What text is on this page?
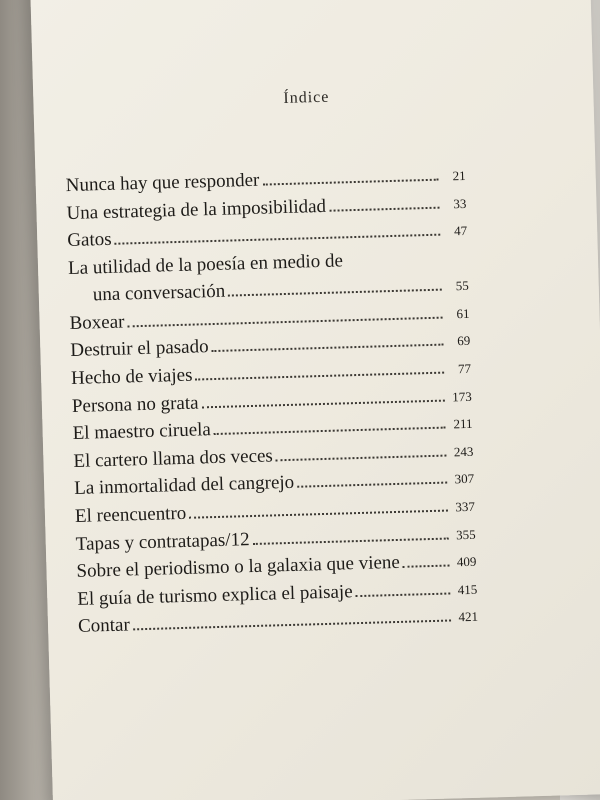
Índice
Nunca hay que responder	21
Una estrategia de la imposibilidad	33
Gatos	47
La utilidad de la poesía en medio de
una conversación	55
Boxear	61
Destruir el pasado	69
Hecho de viajes	77
Persona no grata	173
El maestro ciruela	211
El cartero llama dos veces	243
La inmortalidad del cangrejo	307
El reencuentro	337
Tapas y contratapas/12	355
Sobre el periodismo o la galaxia que viene	409
El guía de turismo explica el paisaje	415
Contar	421
